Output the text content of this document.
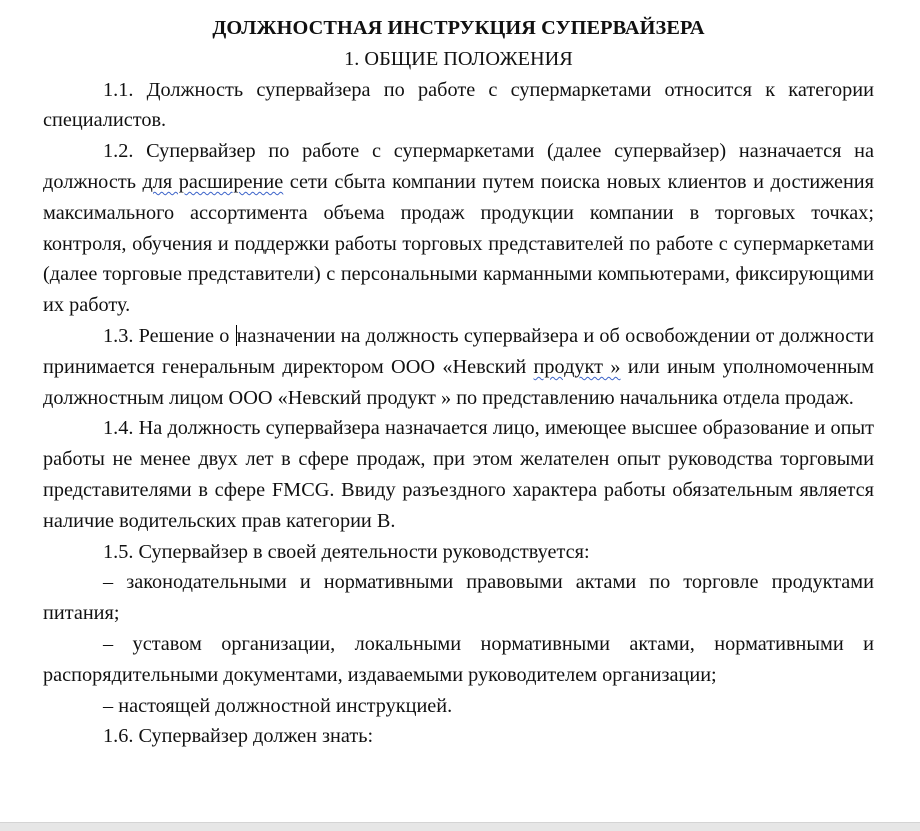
ДОЛЖНОСТНАЯ ИНСТРУКЦИЯ СУПЕРВАЙЗЕРА

1. ОБЩИЕ ПОЛОЖЕНИЯ

1.1. Должность супервайзера по работе с супермаркетами относится к категории специалистов.

1.2. Супервайзер по работе с супермаркетами (далее супервайзер) назначается на должность для расширение сети сбыта компании путем поиска новых клиентов и достижения максимального ассортимента объема продаж продукции компании в торговых точках; контроля, обучения и поддержки работы торговых представителей по работе с супермаркетами (далее торговые представители) с персональными карманными компьютерами, фиксирующими их работу.

1.3. Решение о назначении на должность супервайзера и об освобождении от должности принимается генеральным директором ООО «Невский продукт » или иным уполномоченным должностным лицом ООО «Невский продукт » по представлению начальника отдела продаж.

1.4. На должность супервайзера назначается лицо, имеющее высшее образование и опыт работы не менее двух лет в сфере продаж, при этом желателен опыт руководства торговыми представителями в сфере FMCG. Ввиду разъездного характера работы обязательным является наличие водительских прав категории В.

1.5. Супервайзер в своей деятельности руководствуется:

– законодательными и нормативными правовыми актами по торговле продуктами питания;

– уставом организации, локальными нормативными актами, нормативными и распорядительными документами, издаваемыми руководителем организации;

– настоящей должностной инструкцией.

1.6. Супервайзер должен знать:
